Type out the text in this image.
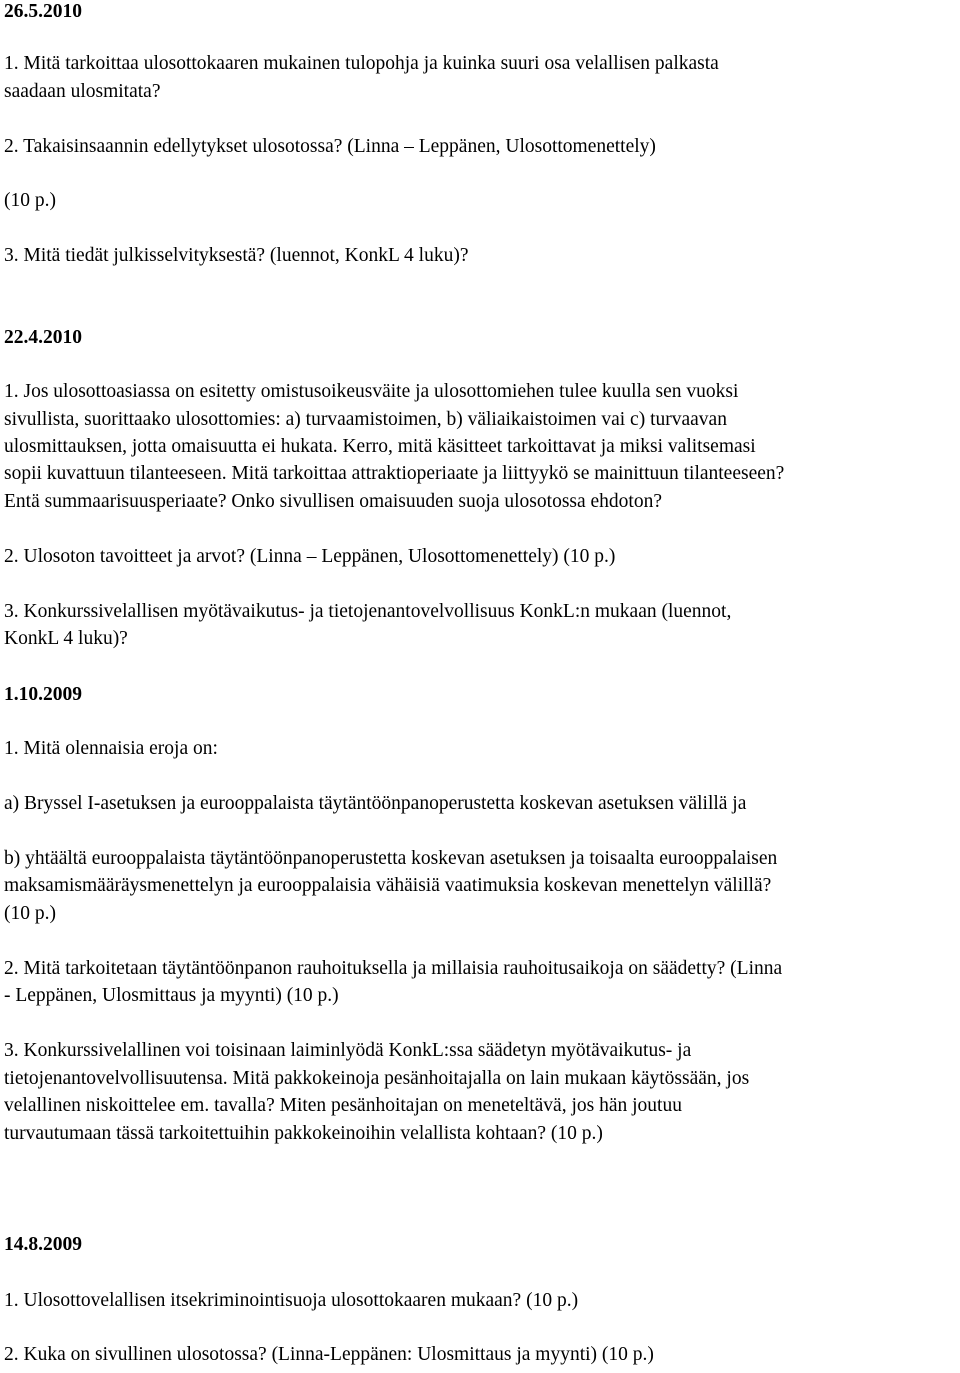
26.5.2010
1. Mitä tarkoittaa ulosottokaaren mukainen tulopohja ja kuinka suuri osa velallisen palkasta
saadaan ulosmitata?
2. Takaisinsaannin edellytykset ulosotossa? (Linna – Leppänen, Ulosottomenettely)
(10 p.)
3. Mitä tiedät julkisselvityksestä? (luennot, KonkL 4 luku)?
22.4.2010
1. Jos ulosottoasiassa on esitetty omistusoikeusväite ja ulosottomiehen tulee kuulla sen vuoksi
sivullista, suorittaako ulosottomies: a) turvaamistoimen, b) väliaikaistoimen vai c) turvaavan
ulosmittauksen, jotta omaisuutta ei hukata. Kerro, mitä käsitteet tarkoittavat ja miksi valitsemasi
sopii kuvattuun tilanteeseen. Mitä tarkoittaa attraktioperiaate ja liittyykö se mainittuun tilanteeseen?
Entä summaarisuusperiaate? Onko sivullisen omaisuuden suoja ulosotossa ehdoton?
2. Ulosoton tavoitteet ja arvot? (Linna – Leppänen, Ulosottomenettely) (10 p.)
3. Konkurssivelallisen myötävaikutus- ja tietojenantovelvollisuus KonkL:n mukaan (luennot,
KonkL 4 luku)?
1.10.2009
1. Mitä olennaisia eroja on:
a) Bryssel I-asetuksen ja eurooppalaista täytäntöönpanoperustetta koskevan asetuksen välillä ja
b) yhtäältä eurooppalaista täytäntöönpanoperustetta koskevan asetuksen ja toisaalta eurooppalaisen
maksamismääräysmenettelyn ja eurooppalaisia vähäisiä vaatimuksia koskevan menettelyn välillä?
(10 p.)
2. Mitä tarkoitetaan täytäntöönpanon rauhoituksella ja millaisia rauhoitusaikoja on säädetty? (Linna
- Leppänen, Ulosmittaus ja myynti) (10 p.)
3. Konkurssivelallinen voi toisinaan laiminlyödä KonkL:ssa säädetyn myötävaikutus- ja
tietojenantovelvollisuutensa. Mitä pakkokeinoja pesänhoitajalla on lain mukaan käytössään, jos
velallinen niskoittelee em. tavalla? Miten pesänhoitajan on meneteltävä, jos hän joutuu
turvautumaan tässä tarkoitettuihin pakkokeinoihin velallista kohtaan? (10 p.)
14.8.2009
1. Ulosottovelallisen itsekriminointisuoja ulosottokaaren mukaan? (10 p.)
2. Kuka on sivullinen ulosotossa? (Linna-Leppänen: Ulosmittaus ja myynti) (10 p.)
